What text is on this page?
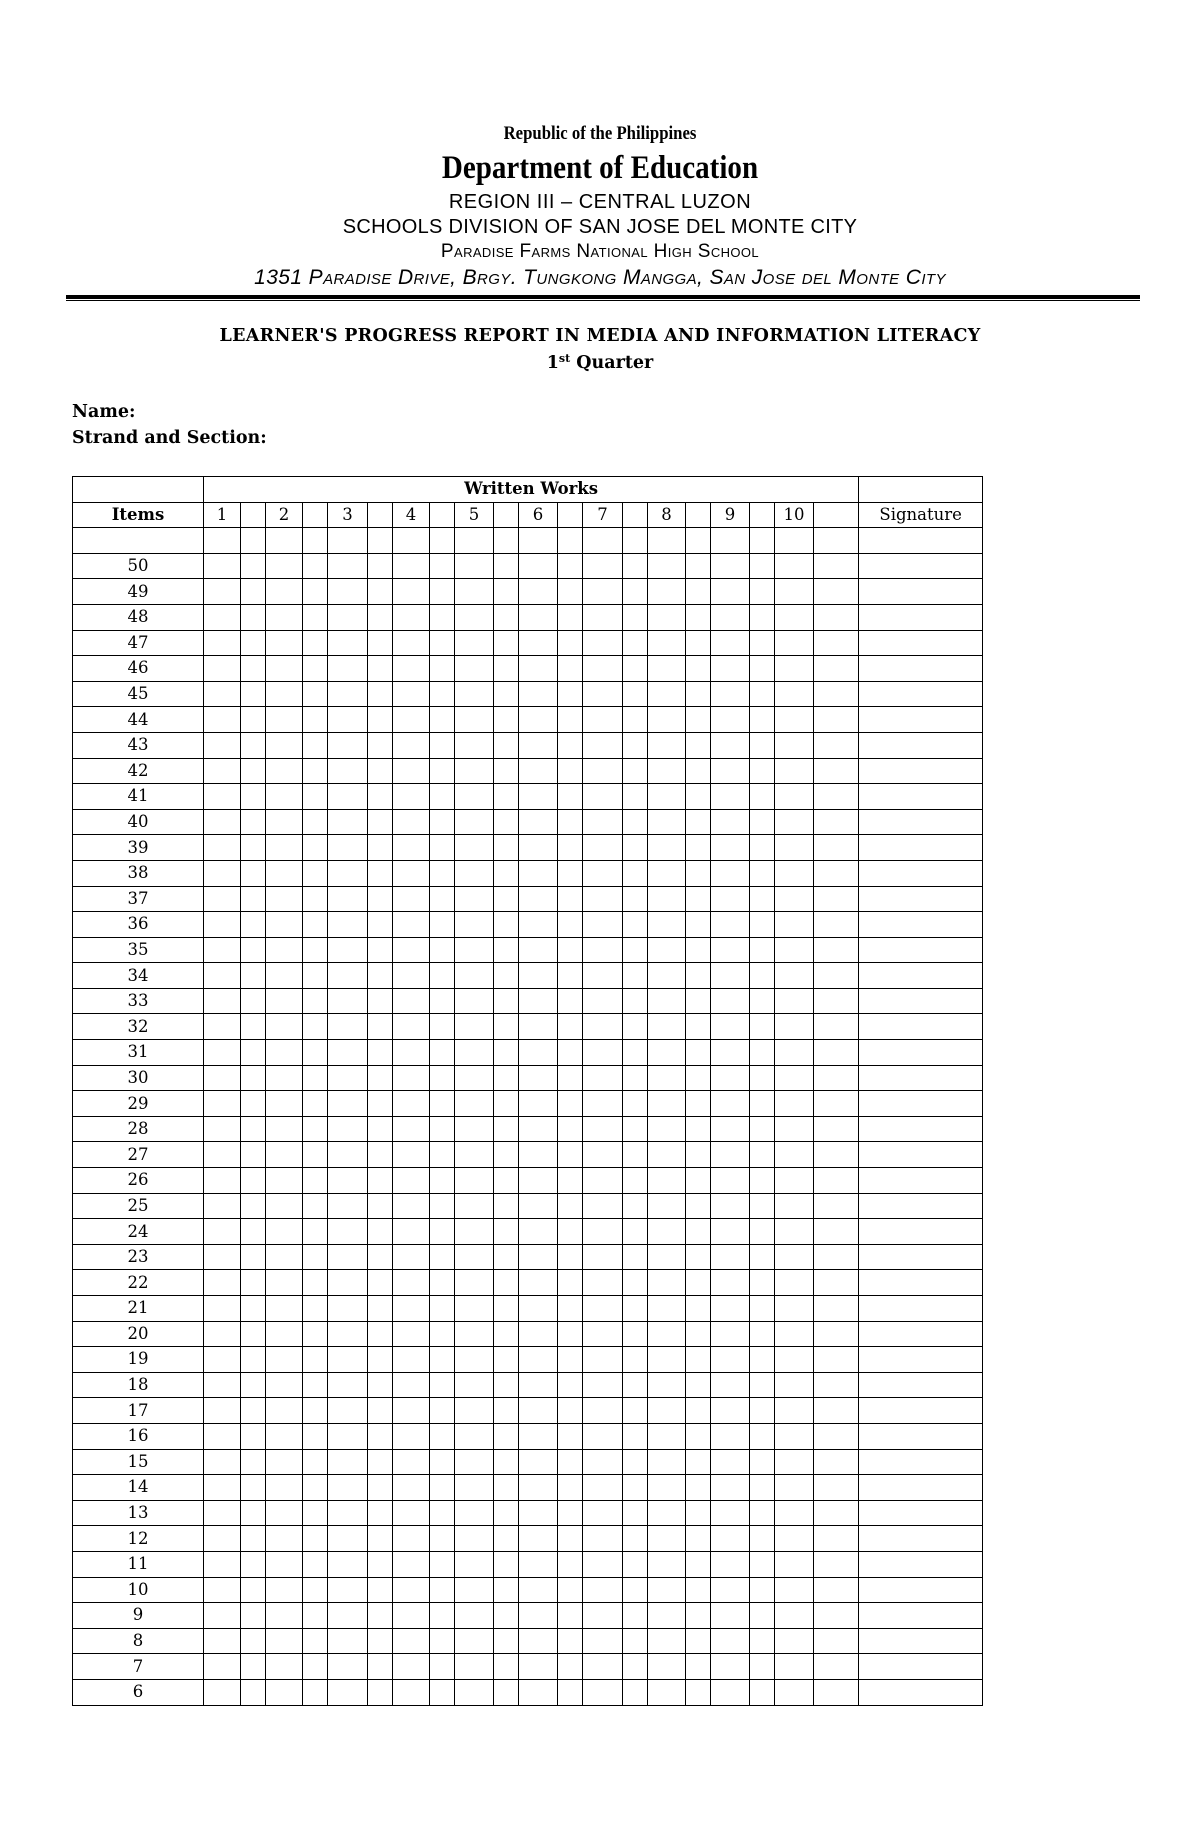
Republic of the Philippines
Department of Education
REGION III – CENTRAL LUZON
SCHOOLS DIVISION OF SAN JOSE DEL MONTE CITY
Paradise Farms National High School
1351 Paradise Drive, Brgy. Tungkong Mangga, San Jose del Monte City
LEARNER'S PROGRESS REPORT IN MEDIA AND INFORMATION LITERACY
1st Quarter
Name:
Strand and Section:
	Written Works																				
Items	1		2		3		4		5		6		7		8		9		10		Signature

50																					
49																					
48																					
47																					
46																					
45																					
44																					
43																					
42																					
41																					
40																					
39																					
38																					
37																					
36																					
35																					
34																					
33																					
32																					
31																					
30																					
29																					
28																					
27																					
26																					
25																					
24																					
23																					
22																					
21																					
20																					
19																					
18																					
17																					
16																					
15																					
14																					
13																					
12																					
11																					
10																					
9																					
8																					
7																					
6																					
